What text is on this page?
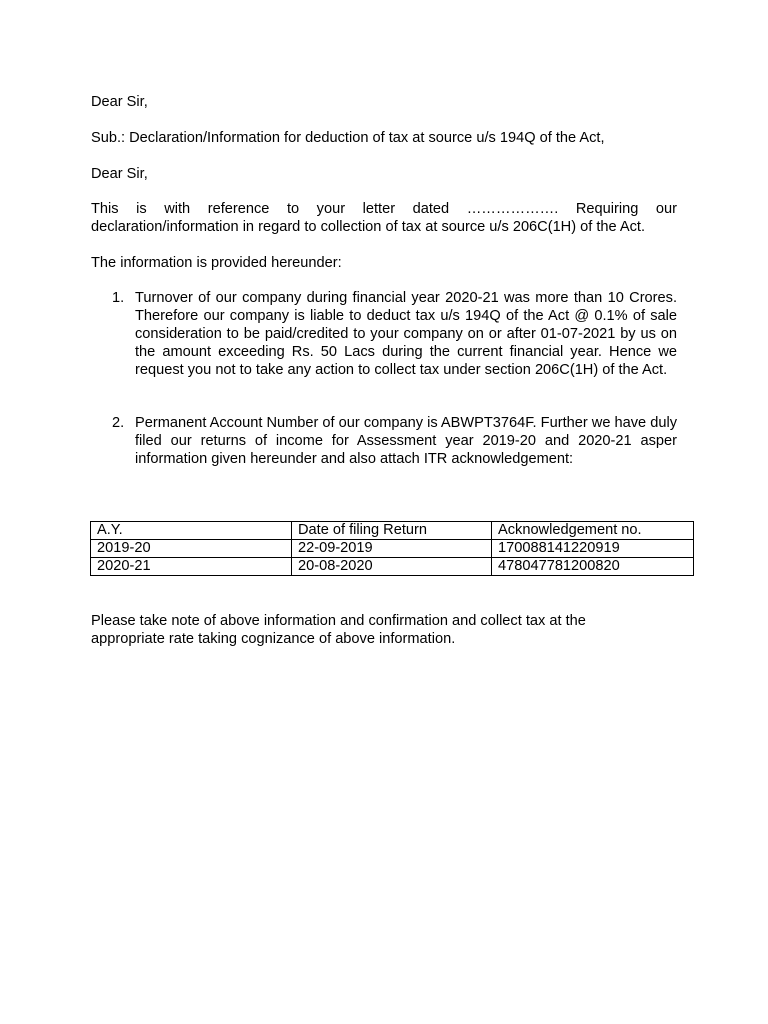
Dear Sir,

Sub.: Declaration/Information for deduction of tax at source u/s 194Q of the Act,

Dear Sir,

This is with reference to your letter dated ………………. Requiring our declaration/information in regard to collection of tax at source u/s 206C(1H) of the Act.

The information is provided hereunder:

1. Turnover of our company during financial year 2020-21 was more than 10 Crores. Therefore our company is liable to deduct tax u/s 194Q of the Act @ 0.1% of sale consideration to be paid/credited to your company on or after 01-07-2021 by us on the amount exceeding Rs. 50 Lacs during the current financial year. Hence we request you not to take any action to collect tax under section 206C(1H) of the Act.
2. Permanent Account Number of our company is ABWPT3764F. Further we have duly filed our returns of income for Assessment year 2019-20 and 2020-21 asper information given hereunder and also attach ITR acknowledgement:
A.Y.	Date of filing Return	Acknowledgement no.
2019-20	22-09-2019	170088141220919
2020-21	20-08-2020	478047781200820

Please take note of above information and confirmation and collect tax at the appropriate rate taking cognizance of above information.
